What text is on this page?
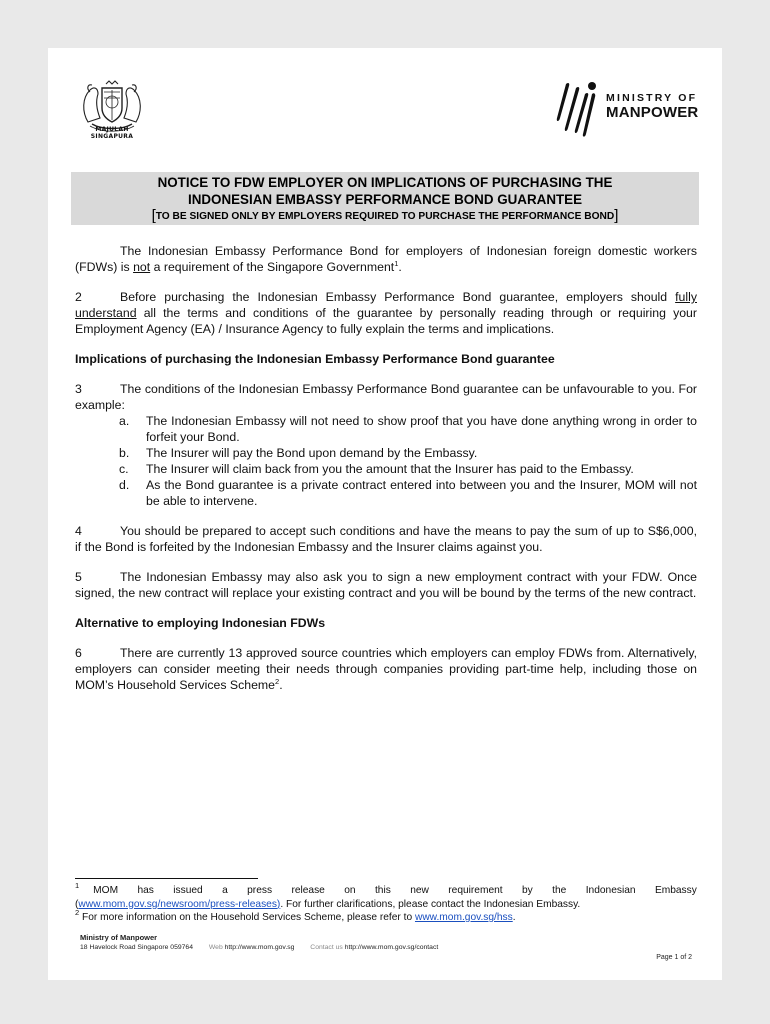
MAJULAH SINGAPURA
MINISTRY OF
MANPOWER
NOTICE TO FDW EMPLOYER ON IMPLICATIONS OF PURCHASING THE
INDONESIAN EMBASSY PERFORMANCE BOND GUARANTEE
[TO BE SIGNED ONLY BY EMPLOYERS REQUIRED TO PURCHASE THE PERFORMANCE BOND]

The Indonesian Embassy Performance Bond for employers of Indonesian foreign domestic workers (FDWs) is not a requirement of the Singapore Government$^1$.

2	Before purchasing the Indonesian Embassy Performance Bond guarantee, employers should fully understand all the terms and conditions of the guarantee by personally reading through or requiring your Employment Agency (EA) / Insurance Agency to fully explain the terms and implications.

Implications of purchasing the Indonesian Embassy Performance Bond guarantee

3	The conditions of the Indonesian Embassy Performance Bond guarantee can be unfavourable to you. For example:

a.	The Indonesian Embassy will not need to show proof that you have done anything wrong in order to forfeit your Bond.
b.	The Insurer will pay the Bond upon demand by the Embassy.
c.	The Insurer will claim back from you the amount that the Insurer has paid to the Embassy.
d.	As the Bond guarantee is a private contract entered into between you and the Insurer, MOM will not be able to intervene.

4	You should be prepared to accept such conditions and have the means to pay the sum of up to S$6,000, if the Bond is forfeited by the Indonesian Embassy and the Insurer claims against you.

5	The Indonesian Embassy may also ask you to sign a new employment contract with your FDW. Once signed, the new contract will replace your existing contract and you will be bound by the terms of the new contract.

Alternative to employing Indonesian FDWs

6	There are currently 13 approved source countries which employers can employ FDWs from. Alternatively, employers can consider meeting their needs through companies providing part-time help, including those on MOM’s Household Services Scheme$^2$.

$^1$ MOM has issued a press release on this new requirement by the Indonesian Embassy
(www.mom.gov.sg/newsroom/press-releases). For further clarifications, please contact the Indonesian Embassy.
$^2$ For more information on the Household Services Scheme, please refer to www.mom.gov.sg/hss.
Ministry of Manpower
18 Havelock Road Singapore 059764 Web http://www.mom.gov.sg Contact us http://www.mom.gov.sg/contact
Page 1 of 2
